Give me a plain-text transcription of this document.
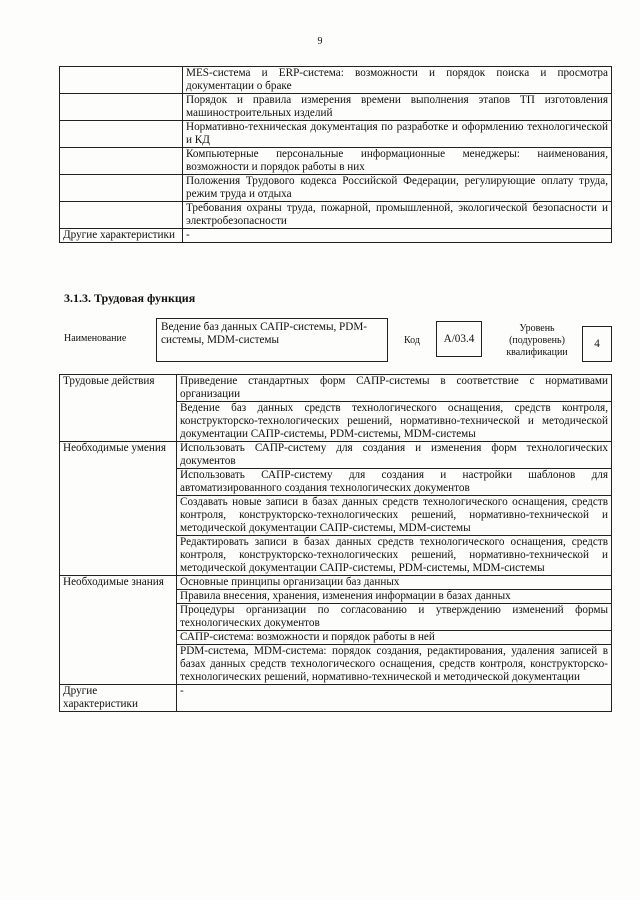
9
	MES-система и ERP-система: возможности и порядок поиска и просмотра документации о браке
	Порядок и правила измерения времени выполнения этапов ТП изготовления машиностроительных изделий
	Нормативно-техническая документация по разработке и оформлению технологической и КД
	Компьютерные персональные информационные менеджеры: наименования, возможности и порядок работы в них
	Положения Трудового кодекса Российской Федерации, регулирующие оплату труда, режим труда и отдыха
	Требования охраны труда, пожарной, промышленной, экологической безопасности и электробезопасности
Другие характеристики	-
3.1.3. Трудовая функция
Наименование
Ведение баз данных САПР-системы, PDM-системы, MDM-системы	Код	А/03.4
Уровень (подуровень) квалификации
4
Трудовые действия	Приведение стандартных форм САПР-системы в соответствие с нормативами организации
	Ведение баз данных средств технологического оснащения, средств контроля, конструкторско-технологических решений, нормативно-технической и методической документации САПР-системы, PDM-системы, MDM-системы
Необходимые умения	Использовать САПР-систему для создания и изменения форм технологических документов
	Использовать САПР-систему для создания и настройки шаблонов для автоматизированного создания технологических документов
	Создавать новые записи в базах данных средств технологического оснащения, средств контроля, конструкторско-технологических решений, нормативно-технической и методической документации САПР-системы, MDM-системы
	Редактировать записи в базах данных средств технологического оснащения, средств контроля, конструкторско-технологических решений, нормативно-технической и методической документации САПР-системы, PDM-системы, MDM-системы
Необходимые знания	Основные принципы организации баз данных
	Правила внесения, хранения, изменения информации в базах данных
	Процедуры организации по согласованию и утверждению изменений формы технологических документов
	САПР-система: возможности и порядок работы в ней
	PDM-система, MDM-система: порядок создания, редактирования, удаления записей в базах данных средств технологического оснащения, средств контроля, конструкторско-технологических решений, нормативно-технической и методической документации
Другие характеристики	-
